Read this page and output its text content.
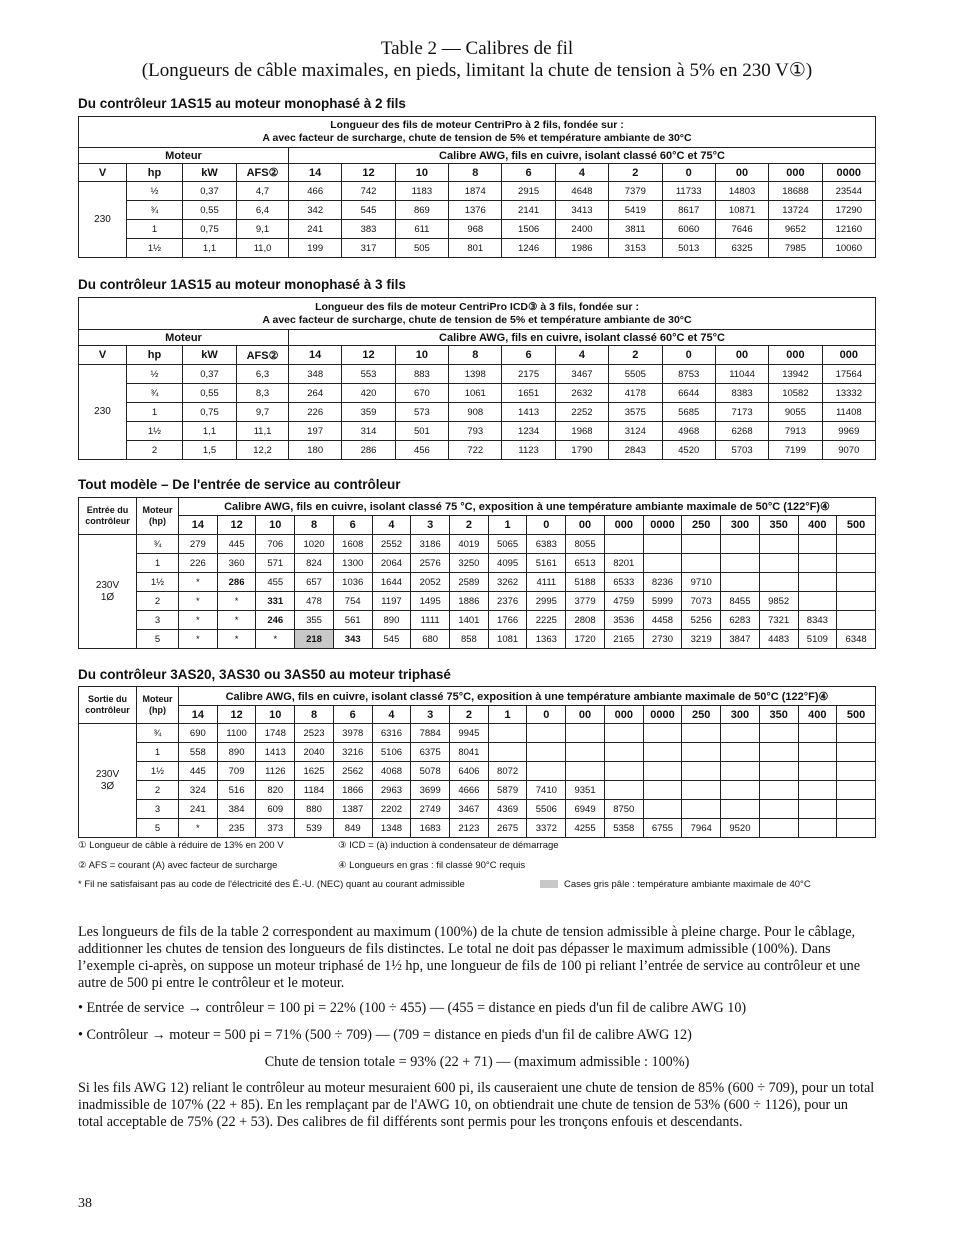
Table 2 — Calibres de fil
(Longueurs de câble maximales, en pieds, limitant la chute de tension à 5% en 230 V①)
Du contrôleur 1AS15 au moteur monophasé à 2 fils
Longueur des fils de moteur CentriPro à 2 fils, fondée sur :
A avec facteur de surcharge, chute de tension de 5% et température ambiante de 30°C														
Moteur				Calibre AWG, fils en cuivre, isolant classé 60°C et 75°C										
V	hp	kW	AFS②	14	12	10	8	6	4	2	0	00	000	0000
230	½	0,37	4,7	466	742	1183	1874	2915	4648	7379	11733	14803	18688	23544
	¾	0,55	6,4	342	545	869	1376	2141	3413	5419	8617	10871	13724	17290
	1	0,75	9,1	241	383	611	968	1506	2400	3811	6060	7646	9652	12160
	1½	1,1	11,0	199	317	505	801	1246	1986	3153	5013	6325	7985	10060
Du contrôleur 1AS15 au moteur monophasé à 3 fils
Longueur des fils de moteur CentriPro ICD③ à 3 fils, fondée sur :
A avec facteur de surcharge, chute de tension de 5% et température ambiante de 30°C														
Moteur				Calibre AWG, fils en cuivre, isolant classé 60°C et 75°C										
V	hp	kW	AFS②	14	12	10	8	6	4	2	0	00	000	000
230	½	0,37	6,3	348	553	883	1398	2175	3467	5505	8753	11044	13942	17564
	¾	0,55	8,3	264	420	670	1061	1651	2632	4178	6644	8383	10582	13332
	1	0,75	9,7	226	359	573	908	1413	2252	3575	5685	7173	9055	11408
	1½	1,1	11,1	197	314	501	793	1234	1968	3124	4968	6268	7913	9969
	2	1,5	12,2	180	286	456	722	1123	1790	2843	4520	5703	7199	9070
Tout modèle – De l'entrée de service au contrôleur
Entrée du contrôleur	Moteur (hp)	Calibre AWG, fils en cuivre, isolant classé 75 °C, exposition à une température ambiante maximale de 50°C (122°F)④																	
		14	12	10	8	6	4	3	2	1	0	00	000	0000	250	300	350	400	500

230V
1Ø	¾	279	445	706	1020	1608	2552	3186	4019	5065	6383	8055							
	1	226	360	571	824	1300	2064	2576	3250	4095	5161	6513	8201						
	1½	*	286	455	657	1036	1644	2052	2589	3262	4111	5188	6533	8236	9710				
	2	*	*	331	478	754	1197	1495	1886	2376	2995	3779	4759	5999	7073	8455	9852		
	3	*	*	246	355	561	890	1111	1401	1766	2225	2808	3536	4458	5256	6283	7321	8343	
	5	*	*	*	218	343	545	680	858	1081	1363	1720	2165	2730	3219	3847	4483	5109	6348
Du contrôleur 3AS20, 3AS30 ou 3AS50 au moteur triphasé
Sortie du contrôleur	Moteur (hp)	Calibre AWG, fils en cuivre, isolant classé 75°C, exposition à une température ambiante maximale de 50°C (122°F)④																	
		14	12	10	8	6	4	3	2	1	0	00	000	0000	250	300	350	400	500

230V
3Ø	¾	690	1100	1748	2523	3978	6316	7884	9945										
	1	558	890	1413	2040	3216	5106	6375	8041										
	1½	445	709	1126	1625	2562	4068	5078	6406	8072									
	2	324	516	820	1184	1866	2963	3699	4666	5879	7410	9351							
	3	241	384	609	880	1387	2202	2749	3467	4369	5506	6949	8750						
	5	*	235	373	539	849	1348	1683	2123	2675	3372	4255	5358	6755	7964	9520			
① Longueur de câble à réduire de 13% en 200 V	③ ICD = (à) induction à condensateur de démarrage
② AFS = courant (A) avec facteur de surcharge	④ Longueurs en gras : fil classé 90°C requis
* Fil ne satisfaisant pas au code de l'électricité des É.-U. (NEC) quant au courant admissible	Cases gris pâle : température ambiante maximale de 40°C

Les longueurs de fils de la table 2 correspondent au maximum (100%) de la chute de tension admissible à pleine charge. Pour le câblage, additionner les chutes de tension des longueurs de fils distinctes. Le total ne doit pas dépasser le maximum admissible (100%). Dans l’exemple ci-après, on suppose un moteur triphasé de 1½ hp, une longueur de fils de 100 pi reliant l’entrée de service au contrôleur et une autre de 500 pi entre le contrôleur et le moteur.

• Entrée de service → contrôleur = 100 pi = 22% (100 ÷ 455) — (455 = distance en pieds d'un fil de calibre AWG 10)

• Contrôleur → moteur = 500 pi = 71% (500 ÷ 709) — (709 = distance en pieds d'un fil de calibre AWG 12)

Chute de tension totale = 93% (22 + 71) — (maximum admissible : 100%)

Si les fils AWG 12) reliant le contrôleur au moteur mesuraient 600 pi, ils causeraient une chute de tension de 85% (600 ÷ 709), pour un total inadmissible de 107% (22 + 85). En les remplaçant par de l'AWG 10, on obtiendrait une chute de tension de 53% (600 ÷ 1126), pour un total acceptable de 75% (22 + 53). Des calibres de fil différents sont permis pour les tronçons enfouis et descendants.

38
